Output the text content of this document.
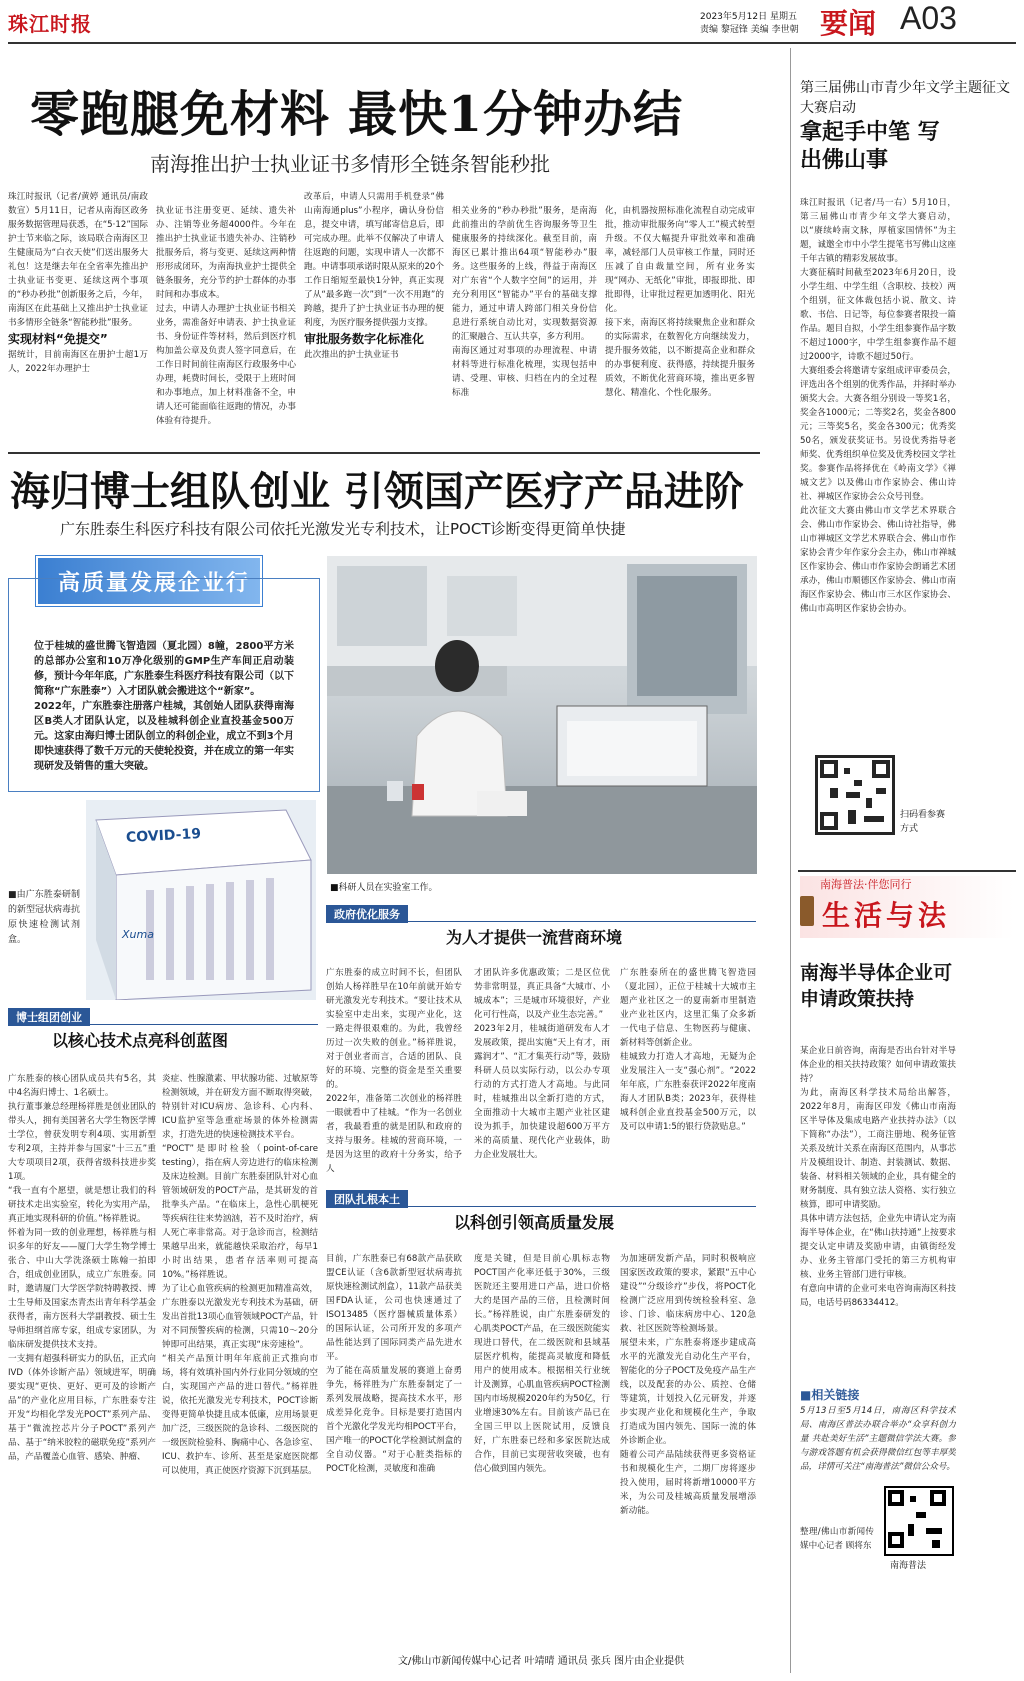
珠江时报	2023年5月12日 星期五
责编 黎冠锋 美编 李世朝 要闻 A03
零跑腿免材料 最快1分钟办结
南海推出护士执业证书多情形全链条智能秒批

珠江时报讯（记者/黄婷 通讯员/南政数宣）5月11日，记者从南海区政务服务数据管理局获悉，在“5·12”国际护士节来临之际，该局联合南海区卫生健康局为“白衣天使”们送出服务大礼包！这是继去年在全省率先推出护士执业证书变更、延续这两个事项的“秒办秒批”创新服务之后，今年，南海区在此基础上又推出护士执业证书多情形全链条“智能秒批”服务。

实现材料“免提交”

据统计，目前南海区在册护士超1万人，2022年办理护士

执业证书注册变更、延续、遗失补办、注销等业务超4000件。今年在推出护士执业证书遗失补办、注销秒批服务后，将与变更、延续这两种情形形成闭环，为南海执业护士提供全链条服务，充分节约护士群体的办事时间和办事成本。
过去，申请人办理护士执业证书相关业务，需准备好申请表、护士执业证书、身份证件等材料，然后到医疗机构加盖公章及负责人签字同意后，在工作日时间前往南海区行政服务中心办理，耗费时间长，受限于上班时间和办事地点，加上材料准备不全，申请人还可能面临往返跑的情况，办事体验有待提升。

改革后，申请人只需用手机登录“佛山南海通plus”小程序，确认身份信息，提交申请，填写邮寄信息后，即可完成办理。此举不仅解决了申请人往返跑的问题，实现申请人一次都不跑。申请事项承诺时限从原来的20个工作日缩短至最快1分钟，真正实现了从“最多跑一次”到“一次不用跑”的跨越，提升了护士执业证书办理的便利度，为医疗服务提供强力支撑。

审批服务数字化标准化

此次推出的护士执业证书

相关业务的“秒办秒批”服务，是南海此前推出的孕前优生咨询服务等卫生健康服务的持续深化。截至目前，南海区已累计推出64项“智能秒办”服务。这些服务的上线，得益于南海区对广东省“个人数字空间”的运用，并充分利用区“智能办”平台的基础支撑能力，通过申请人跨部门相关身份信息进行系统自动比对，实现数据资源的汇聚融合、互认共享，多方利用。
南海区通过对事项的办理流程、申请材料等进行标准化梳理，实现包括申请、受理、审核、归档在内的全过程标准

化，由机器按照标准化流程自动完成审批，推动审批服务向“零人工”模式转型升级。不仅大幅提升审批效率和准确率，减轻部门人员审核工作量，同时还压减了自由裁量空间，所有业务实现“网办、无纸化”审批，即报即批、即批即得，让审批过程更加透明化、阳光化。
接下来，南海区将持续聚焦企业和群众的实际需求，在数智化方向继续发力，提升服务效能，以不断提高企业和群众的办事便利度、获得感，持续提升服务质效，不断优化营商环境，推出更多智慧化、精准化、个性化服务。

第三届佛山市青少年文学主题征文大赛启动
拿起手中笔 写出佛山事

珠江时报讯（记者/马一右）5月10日，第三届佛山市青少年文学大赛启动，以“赓续岭南文脉，厚植家国情怀”为主题，诚邀全市中小学生提笔书写佛山这座千年古镇的精彩发展故事。
大赛征稿时间截至2023年6月20日，设小学生组、中学生组（含职校、技校）两个组别，征文体裁包括小说、散文、诗歌、书信、日记等，每位参赛者限投一篇作品。题目自拟，小学生组参赛作品字数不超过1000字，中学生组参赛作品不超过2000字，诗歌不超过50行。
大赛组委会将邀请专家组成评审委员会，评选出各个组别的优秀作品，并择时举办颁奖大会。大赛各组分别设一等奖1名，奖金各1000元；二等奖2名，奖金各800元；三等奖5名，奖金各300元；优秀奖50名，颁发获奖证书。另设优秀指导老师奖、优秀组织单位奖及优秀校园文学社奖。参赛作品将择优在《岭南文学》《禅城文艺》以及佛山市作家协会、佛山诗社、禅城区作家协会公众号刊登。
此次征文大赛由佛山市文学艺术界联合会、佛山市作家协会、佛山诗社指导，佛山市禅城区文学艺术界联合会、佛山市作家协会青少年作家分会主办，佛山市禅城区作家协会、佛山市作家协会朗诵艺术团承办，佛山市顺德区作家协会、佛山市南海区作家协会、佛山市三水区作家协会、佛山市高明区作家协会协办。

扫码看参赛方式
海归博士组队创业 引领国产医疗产品进阶
广东胜泰生科医疗科技有限公司依托光激发光专利技术，让POCT诊断变得更简单快捷
高质量发展企业行

位于桂城的盛世腾飞智造园（夏北园）8幢，2800平方米的总部办公室和10万净化级别的GMP生产车间正启动装修，预计今年年底，广东胜泰生科医疗科技有限公司（以下简称“广东胜泰”）入才团队就会搬进这个“新家”。
2022年，广东胜泰注册落户桂城，其创始人团队获得南海区B类人才团队认定，以及桂城科创企业直投基金500万元。这家由海归博士团队创立的科创企业，成立不到3个月即快速获得了数千万元的天使轮投资，并在成立的第一年实现研发及销售的重大突破。

■科研人员在实验室工作。
COVID-19
Xuma

■由广东胜泰研制的新型冠状病毒抗原快速检测试剂盒。

博士组团创业
以核心技术点亮科创蓝图

广东胜泰的核心团队成员共有5名，其中4名海归博士、1名硕士。
执行董事兼总经理杨祥胜是创业团队的带头人，拥有美国著名大学生物医学博士学位，曾获发明专利4项、实用新型专利2项，主持并参与国家“十三五”重大专项项目2项，获得省级科技进步奖1项。
“我一直有个愿望，就是想让我们的科研技术走出实验室，转化为实用产品，真正地实现科研的价值。”杨祥胜说。
怀着为同一致的创业理想，杨祥胜与相识多年的好友——厦门大学生物学博士张合、中山大学洗涤硕士陈翰一拍即合，组成创业团队，成立广东胜泰。同时，邀请厦门大学医学院特聘教授、博士生导师及国家杰青杰出青年科学基金获得者，南方医科大学副教授、硕士生导师担纲首席专家，组成专家团队，为临床研发提供技术支持。
一支拥有超强科研实力的队伍，正式向IVD（体外诊断产品）领域进军，明确要实现“更快、更好、更可及的诊断产品”的产业化应用目标，广东胜泰专注开发“均相化学发光POCT”系列产品、基于“微流控芯片分子POCT”系列产品、基于“纳米胶粒的磁联免疫”系列产品，产品覆盖心血管、感染、肿瘤、

炎症、性腺激素、甲状腺功能、过敏原等检测领域，并在研发方面不断取得突破，特别针对ICU病房、急诊科、心内科、ICU监护室等急重症场景的体外检测需求，打造先进的快速检测技术平台。
“POCT”是即时检验（point-of-care testing），指在病人旁边进行的临床检测及床边检测。目前广东胜泰团队针对心血管领域研发的POCT产品，是其研发的首批拳头产品。“在临床上，急性心肌梗死等疾病往往来势汹汹，若不及时治疗，病人死亡率非常高。对于急诊而言，检测结果越早出来，就能越快采取治疗，每早1小时出结果，患者存活率则可提高10%。”杨祥胜说。
为了让心血管疾病的检测更加精准高效，广东胜泰以光激发光专利技术为基础，研发出首批13项心血管领域POCT产品，针对不同预警疾病的检测，只需10～20分钟即可出结果，真正实现“床旁速检”。
“相关产品预计明年年底前正式推向市场，将有效填补国内外行业同分领域的空白，实现国产产品的进口替代。”杨祥胜说，依托光激发光专利技术，POCT诊断变得更简单快捷且成本低廉，应用场景更加广泛，三级医院的急诊科、二级医院的一级医院检验科、胸痛中心、各急诊室、ICU、救护车、诊所、甚至是家庭医院都可以使用，真正使医疗资源下沉到基层。

政府优化服务
为人才提供一流营商环境

广东胜泰的成立时间不长，但团队创始人杨祥胜早在10年前就开始专研光激发光专利技术。“要让技术从实验室中走出来，实现产业化，这一路走得很艰难的。为此，我曾经历过一次失败的创业。”杨祥胜说，对于创业者而言，合适的团队、良好的环境、完整的资金是至关重要的。
2022年，准备第二次创业的杨祥胜一眼就看中了桂城。“作为一名创业者，我最看重的就是团队和政府的支持与服务。桂城的营商环境，一是因为这里的政府十分务实，给予人

才团队许多优惠政策；二是区位优势非常明显，真正具备“大城市、小城成本”；三是城市环境很好，产业化可行性高，以及产业生态完善。”
2023年2月，桂城街道研发布人才发展政策，提出实施“天上有才，雨露润才”、“汇才集英行动”等，鼓励科研人员以实际行动，以公办专项行动的方式打造人才高地。与此同时，桂城推出以全新打造的方式，全面推动十大城市主题产业社区建设为抓手，加快建设超600万平方米的高质量、现代化产业载体，助力企业发展壮大。

广东胜泰所在的盛世腾飞智造园（夏北园），正位于桂城十大城市主题产业社区之一的夏南新市里制造业产业社区内，这里汇集了众多新一代电子信息、生物医药与健康、新材料等创新企业。
桂城致力打造人才高地，无疑为企业发展注入一支“强心剂”。“2022年年底，广东胜泰获评2022年度南海人才团队B类；2023年，获得桂城科创企业直投基金500万元，以及可以申请1:5的银行贷款贴息。”

团队扎根本土
以科创引领高质量发展

目前，广东胜泰已有68款产品获欧盟CE认证（含6款新型冠状病毒抗原快速检测试剂盒），11款产品获美国FDA认证，公司也快速通过了ISO13485（医疗器械质量体系）的国际认证，公司所开发的多项产品性能达到了国际同类产品先进水平。
为了能在高质量发展的赛道上奋勇争先，杨祥胜为广东胜泰制定了一系列发展战略，提高技术水平，形成差异化竞争。目标是要打造国内首个光激化学发光均相POCT平台，国产唯一的POCT化学检测试剂盒的全自动仪器。“对于心脏类指标的POCT化检测，灵敏度和准确

度是关键，但是目前心肌标志物POCT国产化率还低于30%，三级医院还主要用进口产品，进口价格大约是国产品的三倍，且检测时间长。”杨祥胜说，由广东胜泰研发的心肌类POCT产品，在三级医院能实现进口替代，在二级医院和县域基层医疗机构，能提高灵敏度和降低用户的使用成本。根据相关行业统计及测算，心肌血管疾病POCT检测国内市场规模2020年约为50亿，行业增速30%左右。目前该产品已在全国三甲以上医院试用，反馈良好，广东胜泰已经和多家医院达成合作，目前已实现营收突破，也有信心做到国内领先。

为加速研发新产品，同时积极响应国家医改政策的要求，紧跟“五中心建设”“分级诊疗”步伐，将POCT化检测广泛应用到传统检验科室、急诊、门诊、临床病房中心、120急救、社区医院等检测场景。
展望未来，广东胜泰将逐步建成高水平的光激发光自动化生产平台，智能化的分子POCT及免疫产品生产线，以及配套的办公、质控、仓储等建筑，计划投入亿元研发，并逐步实现产业化和规模化生产，争取打造成为国内领先、国际一流的体外诊断企业。
随着公司产品陆续获得更多资格证书和规模化生产，二期厂房将逐步投入使用，届时将新增10000平方米，为公司及桂城高质量发展增添新动能。

南海普法·伴您同行
生活与法
南海半导体企业可申请政策扶持

某企业日前咨询，南海是否出台针对半导体企业的相关扶持政策？如何申请政策扶持？
为此，南海区科学技术局给出解答，2022年8月，南海区印发《佛山市南海区半导体及集成电路产业扶持办法》（以下简称“办法”），工商注册地、税务征管关系及统计关系在南海区范围内，从事芯片及模组设计、制造、封装测试、数据、装备、材料相关领域的企业，具有健全的财务制度、具有独立法人资格、实行独立核算，即可申请奖励。
具体申请方法包括，企业先申请认定为南海半导体企业，在“佛山扶持通”上按要求提交认定申请及奖励申请，由镇街经发办、业务主管部门受托的第三方机构审核、业务主管部门进行审核。
有意向申请的企业可来电咨询南海区科技局，电话号码86334412。

■相关链接

5月13日至5月14日，南海区科学技术局、南海区普法办联合举办“众享科创力量 共赴美好生活”主题微信学法大赛。参与游戏答题有机会获得微信红包等丰厚奖品，详情可关注“南海普法”微信公众号。

整理/佛山市新闻传媒中心记者 顾将东

南海普法
文/佛山市新闻传媒中心记者 叶靖晴 通讯员 张兵 图片由企业提供
